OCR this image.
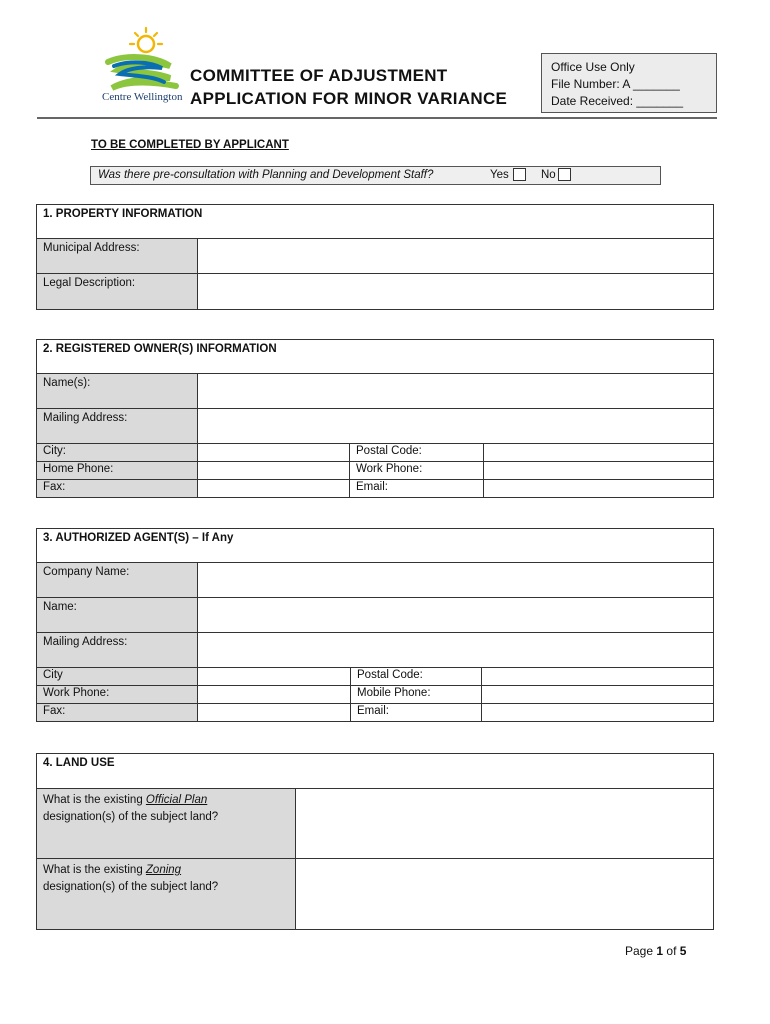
Centre Wellington
COMMITTEE OF ADJUSTMENT
APPLICATION FOR MINOR VARIANCE
Office Use Only
File Number: A _______
Date Received: _______
TO BE COMPLETED BY APPLICANT
Was there pre-consultation with Planning and Development Staff?	Yes	No
1. PROPERTY INFORMATION
Municipal Address:
Legal Description:
2. REGISTERED OWNER(S) INFORMATION
Name(s):
Mailing Address:
City:	Postal Code:
Home Phone:	Work Phone:
Fax:	Email:
3. AUTHORIZED AGENT(S) – If Any
Company Name:
Name:
Mailing Address:
City	Postal Code:
Work Phone:	Mobile Phone:
Fax:	Email:
4. LAND USE
What is the existing Official Plan
designation(s) of the subject land?
What is the existing Zoning
designation(s) of the subject land?
Page 1 of 5
